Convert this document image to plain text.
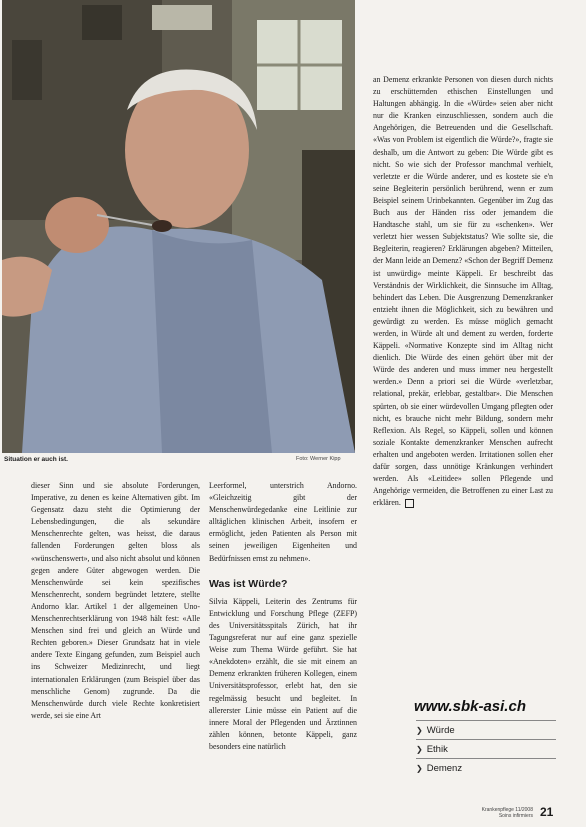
Situation er auch ist.	Foto: Werner Kipp

dieser Sinn und sie absolute Forderungen, Imperative, zu denen es keine Alternativen gibt. Im Gegensatz dazu steht die Optimierung der Lebensbedingungen, die als sekundäre Menschenrechte gelten, was heisst, die daraus fallenden Forderungen gelten bloss als «wünschenswert», und also nicht absolut und können gegen andere Güter abgewogen werden. Die Menschenwürde sei kein spezifisches Menschenrecht, sondern begründet letztere, stellte Andorno klar. Artikel 1 der allgemeinen Uno-Menschenrechtserklärung von 1948 hält fest: «Alle Menschen sind frei und gleich an Würde und Rechten geboren.» Dieser Grundsatz hat in viele andere Texte Eingang gefunden, zum Beispiel auch ins Schweizer Medizinrecht, und liegt internationalen Erklärungen (zum Beispiel über das menschliche Genom) zugrunde. Da die Menschenwürde durch viele Rechte konkretisiert werde, sei sie eine Art

Leerformel, unterstrich Andorno. «Gleichzeitig gibt der Menschenwürdegedanke eine Leitlinie zur alltäglichen klinischen Arbeit, insofern er ermöglicht, jeden Patienten als Person mit seinen jeweiligen Eigenheiten und Bedürfnissen ernst zu nehmen».

Was ist Würde?

Silvia Käppeli, Leiterin des Zentrums für Entwicklung und Forschung Pflege (ZEFP) des Universitätsspitals Zürich, hat ihr Tagungsreferat nur auf eine ganz spezielle Weise zum Thema Würde geführt. Sie hat «Anekdoten» erzählt, die sie mit einem an Demenz erkrankten früheren Kollegen, einem Universitätsprofessor, erlebt hat, den sie regelmässig besucht und begleitet. In allererster Linie müsse ein Patient auf die innere Moral der Pflegenden und Ärztinnen zählen können, betonte Käppeli, ganz besonders eine natürlich

an Demenz erkrankte Personen von diesen durch nichts zu erschütternden ethischen Einstellungen und Haltungen abhängig. In die «Würde» seien aber nicht nur die Kranken einzuschliessen, sondern auch die Angehörigen, die Betreuenden und die Gesellschaft. «Was von Problem ist eigentlich die Würde?», fragte sie deshalb, um die Antwort zu geben: Die Würde gibt es nicht. So wie sich der Professor manchmal verhielt, verletzte er die Würde anderer, und es kostete sie e'n seine Begleiterin persönlich berührend, wenn er zum Beispiel seinem Urinbekannten. Gegenüber im Zug das Buch aus der Händen riss oder jemandem die Handtasche stahl, um sie für zu «schenken». Wer verletzt hier wessen Subjektstatus? Wie sollte sie, die Begleiterin, reagieren? Erklärungen abgeben? Mitteilen, der Mann leide an Demenz? «Schon der Begriff Demenz ist unwürdig» meinte Käppeli. Er beschreibt das Verständnis der Wirklichkeit, die Sinnsuche im Alltag, behindert das Leben. Die Ausgrenzung Demenzkranker entzieht ihnen die Möglichkeit, sich zu bewähren und gewürdigt zu werden. Es müsse möglich gemacht werden, in Würde alt und dement zu werden, forderte Käppeli. «Normative Konzepte sind im Alltag nicht dienlich. Die Würde des einen gehört über mit der Würde des anderen und muss immer neu hergestellt werden.» Denn a priori sei die Würde «verletzbar, relational, prekär, erlebbar, gestaltbar». Die Menschen spürten, ob sie einer würdevollen Umgang pflegten oder nicht, es brauche nicht mehr Bildung, sondern mehr Reflexion. Als Regel, so Käppeli, sollen und können soziale Kontakte demenzkranker Menschen aufrecht erhalten und angeboten werden. Irritationen sollen eher dafür sorgen, dass unnötige Kränkungen verhindert werden. Als «Leitidee» sollen Pflegende und Angehörige vermeiden, die Betroffenen zu einer Last zu erklären.

www.sbk-asi.ch
❯ Würde
❯ Ethik
❯ Demenz
Krankenpflege 11/2008
Soins infirmiers 21
